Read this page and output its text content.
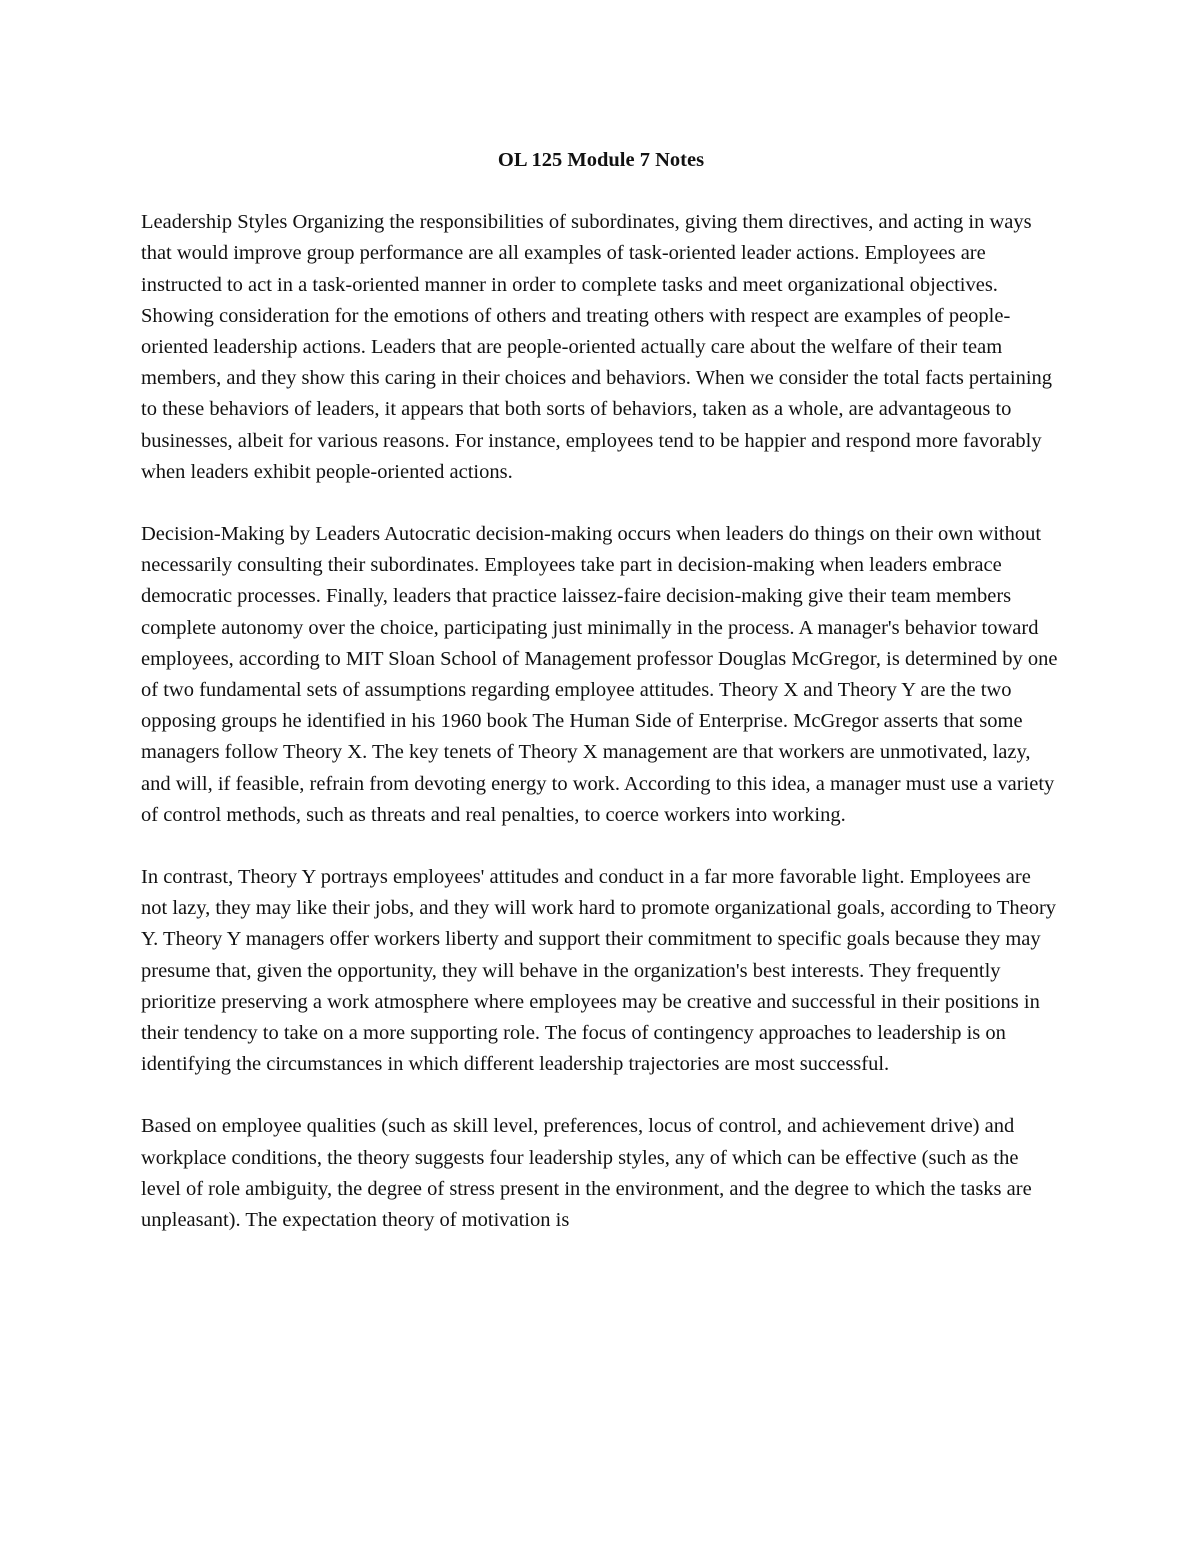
OL 125 Module 7 Notes

Leadership Styles Organizing the responsibilities of subordinates, giving them directives, and acting in ways that would improve group performance are all examples of task-oriented leader actions. Employees are instructed to act in a task-oriented manner in order to complete tasks and meet organizational objectives. Showing consideration for the emotions of others and treating others with respect are examples of people-oriented leadership actions. Leaders that are people-oriented actually care about the welfare of their team members, and they show this caring in their choices and behaviors. When we consider the total facts pertaining to these behaviors of leaders, it appears that both sorts of behaviors, taken as a whole, are advantageous to businesses, albeit for various reasons. For instance, employees tend to be happier and respond more favorably when leaders exhibit people-oriented actions.

Decision-Making by Leaders Autocratic decision-making occurs when leaders do things on their own without necessarily consulting their subordinates. Employees take part in decision-making when leaders embrace democratic processes. Finally, leaders that practice laissez-faire decision-making give their team members complete autonomy over the choice, participating just minimally in the process. A manager's behavior toward employees, according to MIT Sloan School of Management professor Douglas McGregor, is determined by one of two fundamental sets of assumptions regarding employee attitudes. Theory X and Theory Y are the two opposing groups he identified in his 1960 book The Human Side of Enterprise. McGregor asserts that some managers follow Theory X. The key tenets of Theory X management are that workers are unmotivated, lazy, and will, if feasible, refrain from devoting energy to work. According to this idea, a manager must use a variety of control methods, such as threats and real penalties, to coerce workers into working.

In contrast, Theory Y portrays employees' attitudes and conduct in a far more favorable light. Employees are not lazy, they may like their jobs, and they will work hard to promote organizational goals, according to Theory Y. Theory Y managers offer workers liberty and support their commitment to specific goals because they may presume that, given the opportunity, they will behave in the organization's best interests. They frequently prioritize preserving a work atmosphere where employees may be creative and successful in their positions in their tendency to take on a more supporting role. The focus of contingency approaches to leadership is on identifying the circumstances in which different leadership trajectories are most successful.

Based on employee qualities (such as skill level, preferences, locus of control, and achievement drive) and workplace conditions, the theory suggests four leadership styles, any of which can be effective (such as the level of role ambiguity, the degree of stress present in the environment, and the degree to which the tasks are unpleasant). The expectation theory of motivation is
